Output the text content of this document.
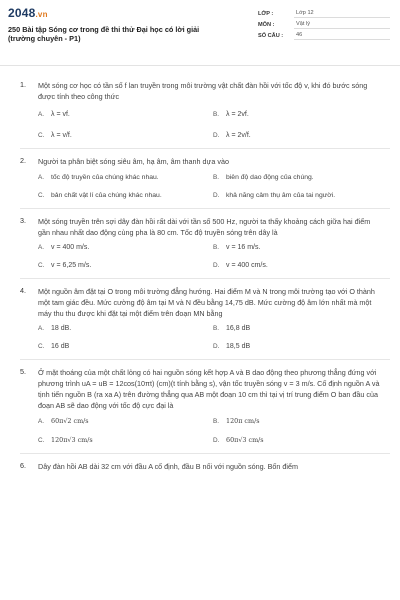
2048.vn
250 Bài tập Sóng cơ trong đề thi thử Đại học có lời giải (trường chuyên - P1)
LỚP :	Lớp 12
MÔN :	Vật lý
SỐ CÂU :	46
1. Một sóng cơ học có tần số f lan truyền trong môi trường vật chất đàn hồi với tốc độ v, khi đó bước sóng được tính theo công thức
A. λ = vf.	B. λ = 2vf.
C. λ = v/f.	D. λ = 2v/f.
2. Người ta phân biệt sóng siêu âm, hạ âm, âm thanh dựa vào
A.	tốc độ truyền của chúng khác nhau.	B.	biên độ dao động của chúng.
C. bản chất vật lí của chúng khác nhau.	D. khả năng cảm thụ âm của tai người.
3. Một sóng truyền trên sợi dây đàn hồi rất dài với tần số 500 Hz, người ta thấy khoảng cách giữa hai điểm gần nhau nhất dao động cùng pha là 80 cm. Tốc độ truyền sóng trên dây là
A. v = 400 m/s.	B. v = 16 m/s.
C. v = 6,25 m/s.	D. v = 400 cm/s.
4. Một nguồn âm đặt tại O trong môi trường đẳng hướng. Hai điểm M và N trong môi trường tạo với O thành một tam giác đều. Mức cường độ âm tại M và N đều bằng 14,75 dB. Mức cường độ âm lớn nhất mà một máy thu thu được khi đặt tại một điểm trên đoạn MN bằng
A. 18 dB.	B. 16,8 dB
C. 16 dB	D. 18,5 dB
5. Ở mặt thoáng của một chất lỏng có hai nguồn sóng kết hợp A và B dao động theo phương thẳng đứng với phương trình uA = uB = 12cos(10πt) (cm)(t tính bằng s), vận tốc truyền sóng v = 3 m/s. Cố định nguồn A và tịnh tiến nguồn B (ra xa A) trên đường thẳng qua AB một đoạn 10 cm thì tại vị trí trung điểm O ban đầu của đoạn AB sẽ dao động với tốc độ cực đại là
A.	60π√2 cm/s	B.	120π cm/s
C.	120π√3 cm/s	D.	60π√3 cm/s
6. Dây đàn hồi AB dài 32 cm với đầu A cố định, đầu B nối với nguồn sóng. Bốn điểm
